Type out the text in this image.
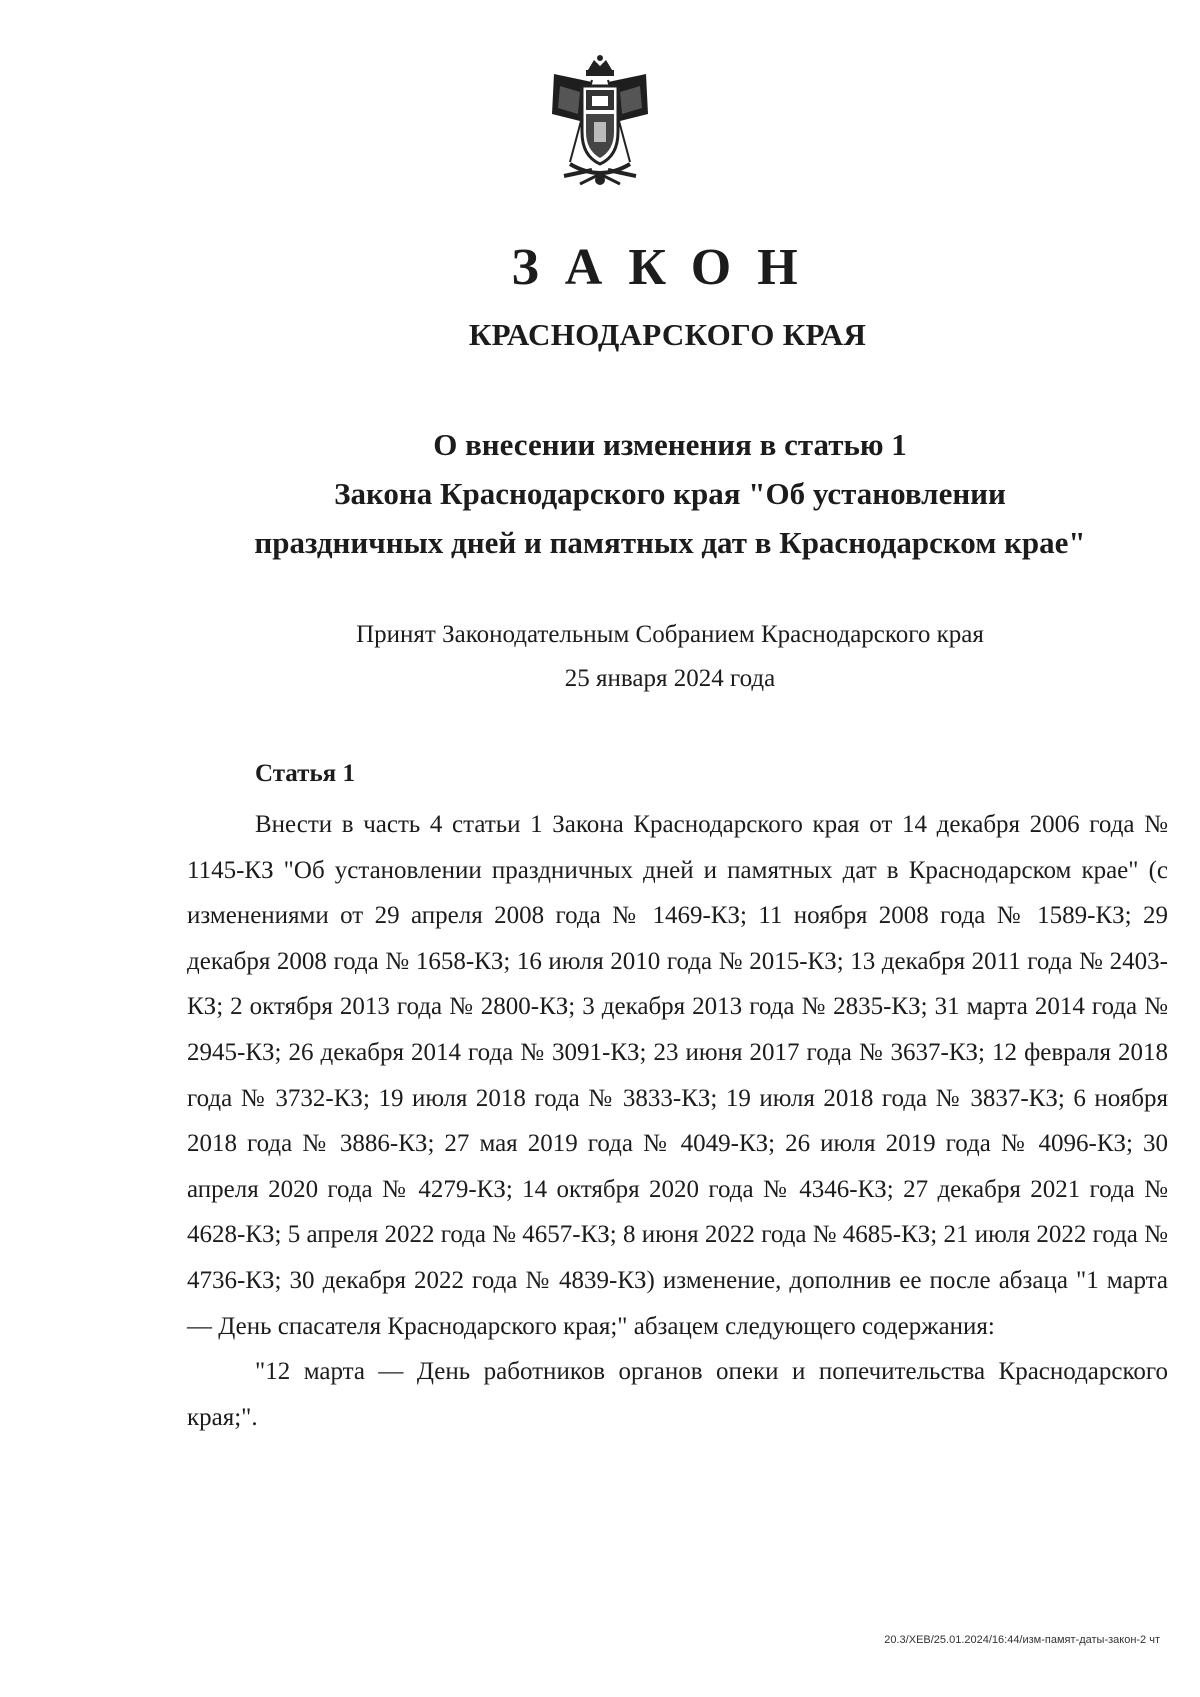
ЗАКОН
КРАСНОДАРСКОГО КРАЯ
О внесении изменения в статью 1
Закона Краснодарского края "Об установлении
праздничных дней и памятных дат в Краснодарском крае"
Принят Законодательным Собранием Краснодарского края
25 января 2024 года
Статья 1

Внести в часть 4 статьи 1 Закона Краснодарского края от 14 декабря 2006 года № 1145-КЗ "Об установлении праздничных дней и памятных дат в Краснодарском крае" (с изменениями от 29 апреля 2008 года № 1469-КЗ; 11 ноября 2008 года № 1589-КЗ; 29 декабря 2008 года № 1658-КЗ; 16 июля 2010 года № 2015-КЗ; 13 декабря 2011 года № 2403-КЗ; 2 октября 2013 года № 2800-КЗ; 3 декабря 2013 года № 2835-КЗ; 31 марта 2014 года № 2945-КЗ; 26 декабря 2014 года № 3091-КЗ; 23 июня 2017 года № 3637-КЗ; 12 февраля 2018 года № 3732-КЗ; 19 июля 2018 года № 3833-КЗ; 19 июля 2018 года № 3837-КЗ; 6 ноября 2018 года № 3886-КЗ; 27 мая 2019 года № 4049-КЗ; 26 июля 2019 года № 4096-КЗ; 30 апреля 2020 года № 4279-КЗ; 14 октября 2020 года № 4346-КЗ; 27 декабря 2021 года № 4628-КЗ; 5 апреля 2022 года № 4657-КЗ; 8 июня 2022 года № 4685-КЗ; 21 июля 2022 года № 4736-КЗ; 30 декабря 2022 года № 4839-КЗ) изменение, дополнив ее после абзаца "1 марта — День спасателя Краснодарского края;" абзацем следующего содержания:

"12 марта — День работников органов опеки и попечительства Краснодарского края;".

20.3/ХЕВ/25.01.2024/16:44/изм-памят-даты-закон-2 чт
